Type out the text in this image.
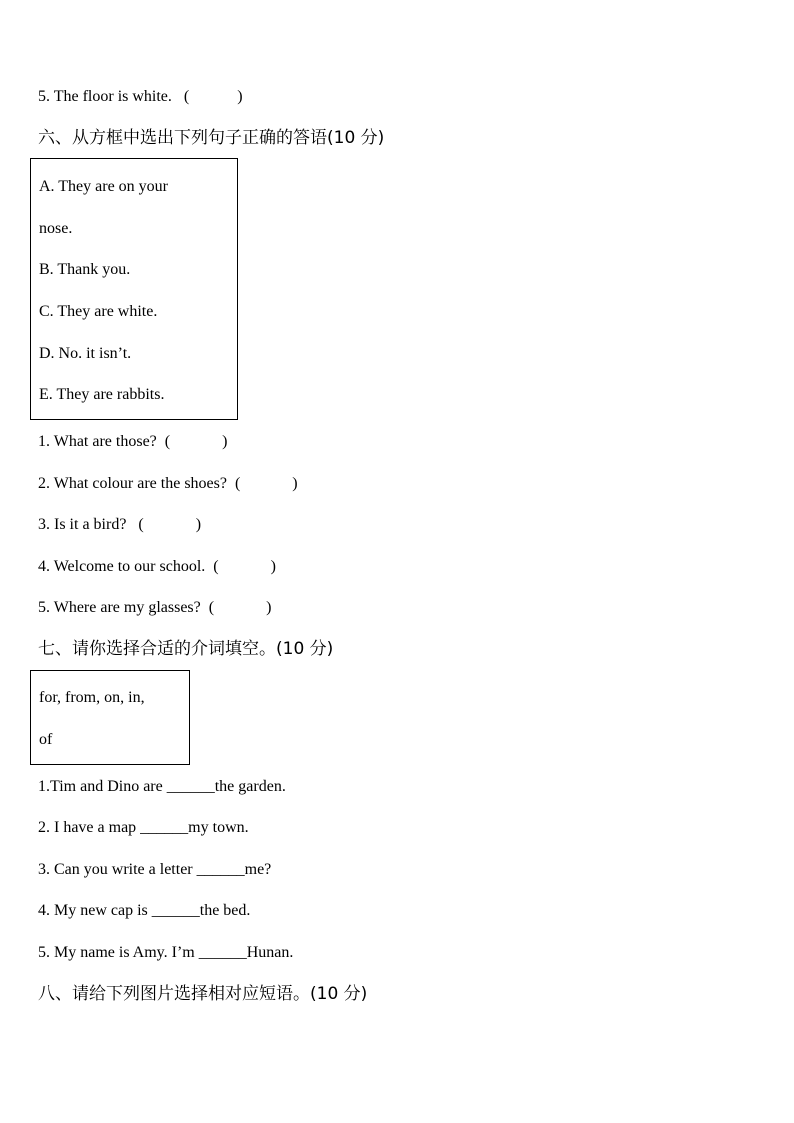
5. The floor is white.   (            )
六、从方框中选出下列句子正确的答语(10 分)
A. They are on your
nose.
B. Thank you.
C. They are white.
D. No. it isn’t.
E. They are rabbits.
1. What are those?  (             )
2. What colour are the shoes?  (             )
3. Is it a bird?   (             )
4. Welcome to our school.  (             )
5. Where are my glasses?  (             )
七、请你选择合适的介词填空。(10 分)
for, from, on, in,
of
1.Tim and Dino are ______the garden.
2. I have a map ______my town.
3. Can you write a letter ______me?
4. My new cap is ______the bed.
5. My name is Amy. I’m ______Hunan.
八、请给下列图片选择相对应短语。(10 分)
